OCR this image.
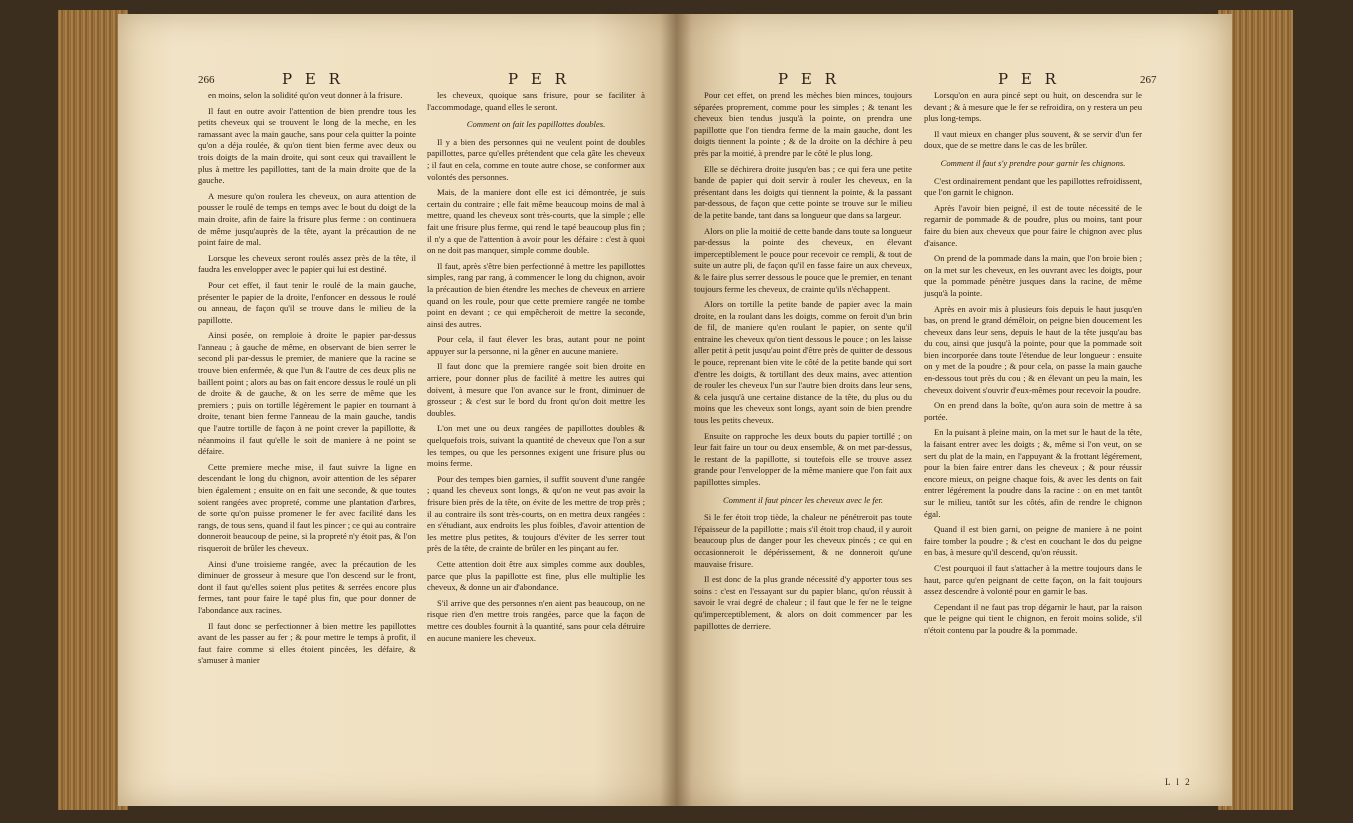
266	P E R	P E R	P E R	P E R	267

en moins, selon la solidité qu'on veut donner à la frisure.

Il faut en outre avoir l'attention de bien prendre tous les petits cheveux qui se trouvent le long de la meche, en les ramassant avec la main gauche, sans pour cela quitter la pointe qu'on a déja roulée, & qu'on tient bien ferme avec deux ou trois doigts de la main droite, qui sont ceux qui travaillent le plus à mettre les papillottes, tant de la main droite que de la gauche.

A mesure qu'on roulera les cheveux, on aura attention de pousser le roulé de temps en temps avec le bout du doigt de la main droite, afin de faire la frisure plus ferme : on continuera de même jusqu'auprès de la tête, ayant la précaution de ne point faire de mal.

Lorsque les cheveux seront roulés assez près de la tête, il faudra les envelopper avec le papier qui lui est destiné.

Pour cet effet, il faut tenir le roulé de la main gauche, présenter le papier de la droite, l'enfoncer en dessous le roulé ou anneau, de façon qu'il se trouve dans le milieu de la papillotte.

Ainsi posée, on remploie à droite le papier par-dessus l'anneau ; à gauche de même, en observant de bien serrer le second pli par-dessus le premier, de maniere que la racine se trouve bien enfermée, & que l'un & l'autre de ces deux plis ne baillent point ; alors au bas on fait encore dessus le roulé un pli de droite & de gauche, & on les serre de même que les premiers ; puis on tortille légérement le papier en tournant à droite, tenant bien ferme l'anneau de la main gauche, tandis que l'autre tortille de façon à ne point crever la papillotte, & néanmoins il faut qu'elle le soit de maniere à ne point se défaire.

Cette premiere meche mise, il faut suivre la ligne en descendant le long du chignon, avoir attention de les séparer bien également ; ensuite on en fait une seconde, & que toutes soient rangées avec propreté, comme une plantation d'arbres, de sorte qu'on puisse promener le fer avec facilité dans les rangs, de tous sens, quand il faut les pincer ; ce qui au contraire donneroit beaucoup de peine, si la propreté n'y étoit pas, & l'on risqueroit de brûler les cheveux.

Ainsi d'une troisieme rangée, avec la précaution de les diminuer de grosseur à mesure que l'on descend sur le front, dont il faut qu'elles soient plus petites & serrées encore plus fermes, tant pour faire le tapé plus fin, que pour donner de l'abondance aux racines.

Il faut donc se perfectionner à bien mettre les papillottes avant de les passer au fer ; & pour mettre le temps à profit, il faut faire comme si elles étoient pincées, les défaire, & s'amuser à manier

les cheveux, quoique sans frisure, pour se faciliter à l'accommodage, quand elles le seront.

Comment on fait les papillottes doubles.

Il y a bien des personnes qui ne veulent point de doubles papillottes, parce qu'elles prétendent que cela gâte les cheveux ; il faut en cela, comme en toute autre chose, se conformer aux volontés des personnes.

Mais, de la maniere dont elle est ici démontrée, je suis certain du contraire ; elle fait même beaucoup moins de mal à mettre, quand les cheveux sont très-courts, que la simple ; elle fait une frisure plus ferme, qui rend le tapé beaucoup plus fin ; il n'y a que de l'attention à avoir pour les défaire : c'est à quoi on ne doit pas manquer, simple comme double.

Il faut, après s'être bien perfectionné à mettre les papillottes simples, rang par rang, à commencer le long du chignon, avoir la précaution de bien étendre les meches de cheveux en arriere quand on les roule, pour que cette premiere rangée ne tombe point en devant ; ce qui empêcheroit de mettre la seconde, ainsi des autres.

Pour cela, il faut élever les bras, autant pour ne point appuyer sur la personne, ni la gêner en aucune maniere.

Il faut donc que la premiere rangée soit bien droite en arriere, pour donner plus de facilité à mettre les autres qui doivent, à mesure que l'on avance sur le front, diminuer de grosseur ; & c'est sur le bord du front qu'on doit mettre les doubles.

L'on met une ou deux rangées de papillottes doubles & quelquefois trois, suivant la quantité de cheveux que l'on a sur les tempes, ou que les personnes exigent une frisure plus ou moins ferme.

Pour des tempes bien garnies, il suffit souvent d'une rangée ; quand les cheveux sont longs, & qu'on ne veut pas avoir la frisure bien près de la tête, on évite de les mettre de trop près ; il au contraire ils sont très-courts, on en mettra deux rangées : en s'étudiant, aux endroits les plus foibles, d'avoir attention de les mettre plus petites, & toujours d'éviter de les serrer tout près de la tête, de crainte de brûler en les pinçant au fer.

Cette attention doit être aux simples comme aux doubles, parce que plus la papillotte est fine, plus elle multiplie les cheveux, & donne un air d'abondance.

S'il arrive que des personnes n'en aient pas beaucoup, on ne risque rien d'en mettre trois rangées, parce que la façon de mettre ces doubles fournit à la quantité, sans pour cela détruire en aucune maniere les cheveux.

Pour cet effet, on prend les mèches bien minces, toujours séparées proprement, comme pour les simples ; & tenant les cheveux bien tendus jusqu'à la pointe, on prendra une papillotte que l'on tiendra ferme de la main gauche, dont les doigts tiennent la pointe ; & de la droite on la déchire à peu près par la moitié, à prendre par le côté le plus long.

Elle se déchirera droite jusqu'en bas ; ce qui fera une petite bande de papier qui doit servir à rouler les cheveux, en la présentant dans les doigts qui tiennent la pointe, & la passant par-dessous, de façon que cette pointe se trouve sur le milieu de la petite bande, tant dans sa longueur que dans sa largeur.

Alors on plie la moitié de cette bande dans toute sa longueur par-dessus la pointe des cheveux, en élevant imperceptiblement le pouce pour recevoir ce rempli, & tout de suite un autre pli, de façon qu'il en fasse faire un aux cheveux, & le faire plus serrer dessous le pouce que le premier, en tenant toujours ferme les cheveux, de crainte qu'ils n'échappent.

Alors on tortille la petite bande de papier avec la main droite, en la roulant dans les doigts, comme on feroit d'un brin de fil, de maniere qu'en roulant le papier, on sente qu'il entraine les cheveux qu'on tient dessous le pouce ; on les laisse aller petit à petit jusqu'au point d'être près de quitter de dessous le pouce, reprenant bien vite le côté de la petite bande qui sort d'entre les doigts, & tortillant des deux mains, avec attention de rouler les cheveux l'un sur l'autre bien droits dans leur sens, & cela jusqu'à une certaine distance de la tête, du plus ou du moins que les cheveux sont longs, ayant soin de bien prendre tous les petits cheveux.

Ensuite on rapproche les deux bouts du papier tortillé ; on leur fait faire un tour ou deux ensemble, & on met par-dessus, le restant de la papillotte, si toutefois elle se trouve assez grande pour l'envelopper de la même maniere que l'on fait aux papillottes simples.

Comment il faut pincer les cheveux avec le fer.

Si le fer étoit trop tiède, la chaleur ne pénétreroit pas toute l'épaisseur de la papillotte ; mais s'il étoit trop chaud, il y auroit beaucoup plus de danger pour les cheveux pincés ; ce qui en occasionneroit le dépérissement, & ne donneroit qu'une mauvaise frisure.

Il est donc de la plus grande nécessité d'y apporter tous ses soins : c'est en l'essayant sur du papier blanc, qu'on réussit à savoir le vrai degré de chaleur ; il faut que le fer ne le teigne qu'imperceptiblement, & alors on doit commencer par les papillottes de derriere.

Lorsqu'on en aura pincé sept ou huit, on descendra sur le devant ; & à mesure que le fer se refroidira, on y restera un peu plus long-temps.

Il vaut mieux en changer plus souvent, & se servir d'un fer doux, que de se mettre dans le cas de les brûler.

Comment il faut s'y prendre pour garnir les chignons.

C'est ordinairement pendant que les papillottes refroidissent, que l'on garnit le chignon.

Après l'avoir bien peigné, il est de toute nécessité de le regarnir de pommade & de poudre, plus ou moins, tant pour faire du bien aux cheveux que pour faire le chignon avec plus d'aisance.

On prend de la pommade dans la main, que l'on broie bien ; on la met sur les cheveux, en les ouvrant avec les doigts, pour que la pommade pénètre jusques dans la racine, de même jusqu'à la pointe.

Après en avoir mis à plusieurs fois depuis le haut jusqu'en bas, on prend le grand démêloir, on peigne bien doucement les cheveux dans leur sens, depuis le haut de la tête jusqu'au bas du cou, ainsi que jusqu'à la pointe, pour que la pommade soit bien incorporée dans toute l'étendue de leur longueur : ensuite on y met de la poudre ; & pour cela, on passe la main gauche en-dessous tout près du cou ; & en élevant un peu la main, les cheveux doivent s'ouvrir d'eux-mêmes pour recevoir la poudre.

On en prend dans la boîte, qu'on aura soin de mettre à sa portée.

En la puisant à pleine main, on la met sur le haut de la tête, la faisant entrer avec les doigts ; &, même si l'on veut, on se sert du plat de la main, en l'appuyant & la frottant légérement, pour la bien faire entrer dans les cheveux ; & pour réussir encore mieux, on peigne chaque fois, & avec les dents on fait entrer légérement la poudre dans la racine : on en met tantôt sur le milieu, tantôt sur les côtés, afin de rendre le chignon égal.

Quand il est bien garni, on peigne de maniere à ne point faire tomber la poudre ; & c'est en couchant le dos du peigne en bas, à mesure qu'il descend, qu'on réussit.

C'est pourquoi il faut s'attacher à la mettre toujours dans le haut, parce qu'en peignant de cette façon, on la fait toujours assez descendre à volonté pour en garnir le bas.

Cependant il ne faut pas trop dégarnir le haut, par la raison que le peigne qui tient le chignon, en feroit moins solide, s'il n'étoit contenu par la poudre & la pommade.

L l 2
